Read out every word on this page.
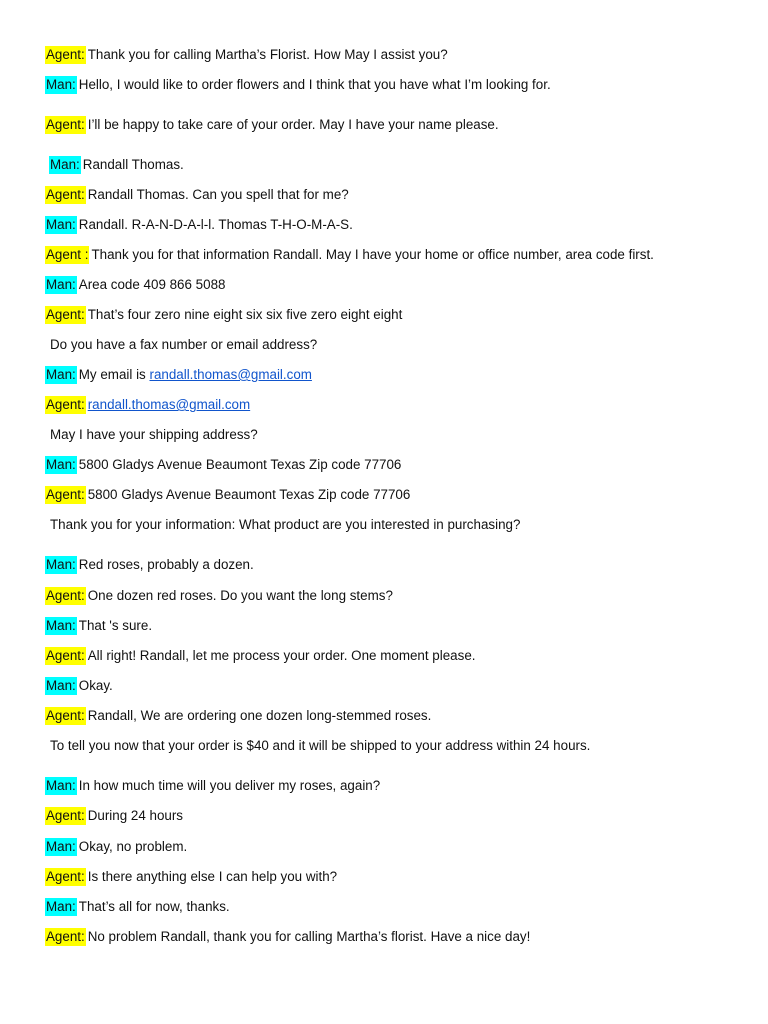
Agent: Thank you for calling Martha’s Florist. How May I assist you?
Man: Hello, I would like to order flowers and I think that you have what I’m looking for.
Agent: I’ll be happy to take care of your order. May I have your name please.
Man: Randall Thomas.
Agent: Randall Thomas. Can you spell that for me?
Man: Randall. R-A-N-D-A-l-l. Thomas T-H-O-M-A-S.
Agent : Thank you for that information Randall. May I have your home or office number, area code first.
Man: Area code 409 866 5088
Agent: That’s four zero nine eight six six five zero eight eight
Do you have a fax number or email address?
Man: My email is randall.thomas@gmail.com
Agent: randall.thomas@gmail.com
May I have your shipping address?
Man: 5800 Gladys Avenue Beaumont Texas Zip code 77706
Agent: 5800 Gladys Avenue Beaumont Texas Zip code 77706
Thank you for your information: What product are you interested in purchasing?
Man: Red roses, probably a dozen.
Agent: One dozen red roses. Do you want the long stems?
Man: That 's sure.
Agent: All right! Randall, let me process your order. One moment please.
Man: Okay.
Agent: Randall, We are ordering one dozen long-stemmed roses.
To tell you now that your order is $40 and it will be shipped to your address within 24 hours.
Man: In how much time will you deliver my roses, again?
Agent: During 24 hours
Man: Okay, no problem.
Agent: Is there anything else I can help you with?
Man: That’s all for now, thanks.
Agent: No problem Randall, thank you for calling Martha’s florist. Have a nice day!
